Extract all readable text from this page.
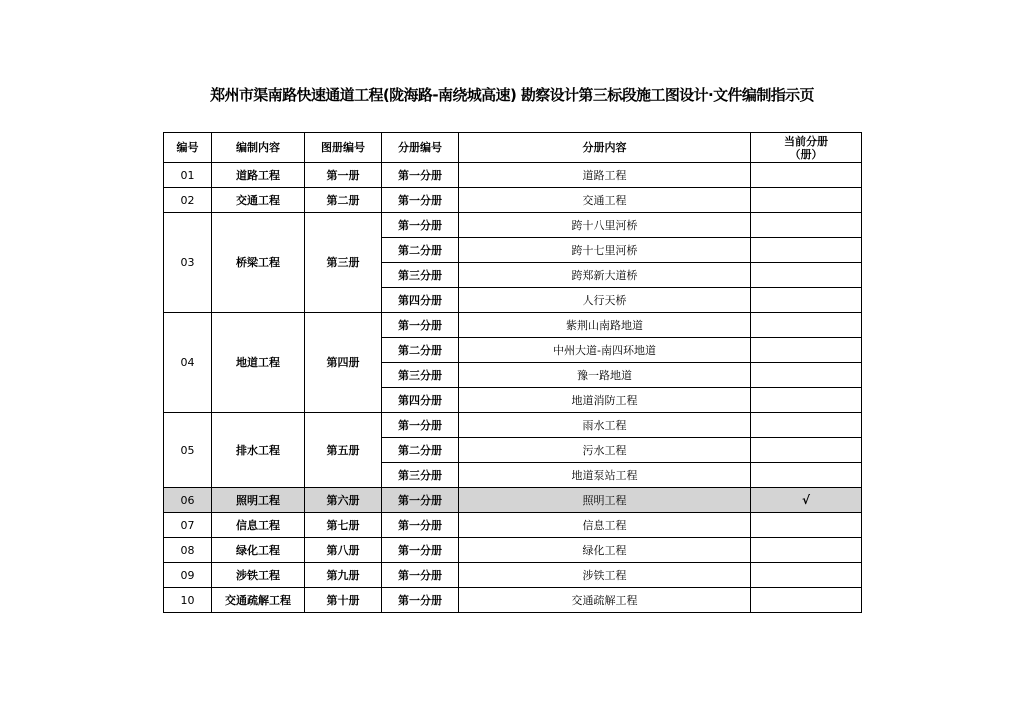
郑州市渠南路快速通道工程(陇海路-南绕城高速) 勘察设计第三标段施工图设计·文件编制指示页
编号	编制内容	图册编号	分册编号	分册内容	当前分册
（册）

01	道路工程	第一册	第一分册	道路工程	
02	交通工程	第二册	第一分册	交通工程	
03	桥梁工程	第三册	第一分册	跨十八里河桥	
			第二分册	跨十七里河桥	
			第三分册	跨郑新大道桥	
			第四分册	人行天桥	
04	地道工程	第四册	第一分册	紫荆山南路地道	
			第二分册	中州大道-南四环地道	
			第三分册	豫一路地道	
			第四分册	地道消防工程	
05	排水工程	第五册	第一分册	雨水工程	
			第二分册	污水工程	
			第三分册	地道泵站工程	
06	照明工程	第六册	第一分册	照明工程	√
07	信息工程	第七册	第一分册	信息工程	
08	绿化工程	第八册	第一分册	绿化工程	
09	涉铁工程	第九册	第一分册	涉铁工程	
10	交通疏解工程	第十册	第一分册	交通疏解工程	
